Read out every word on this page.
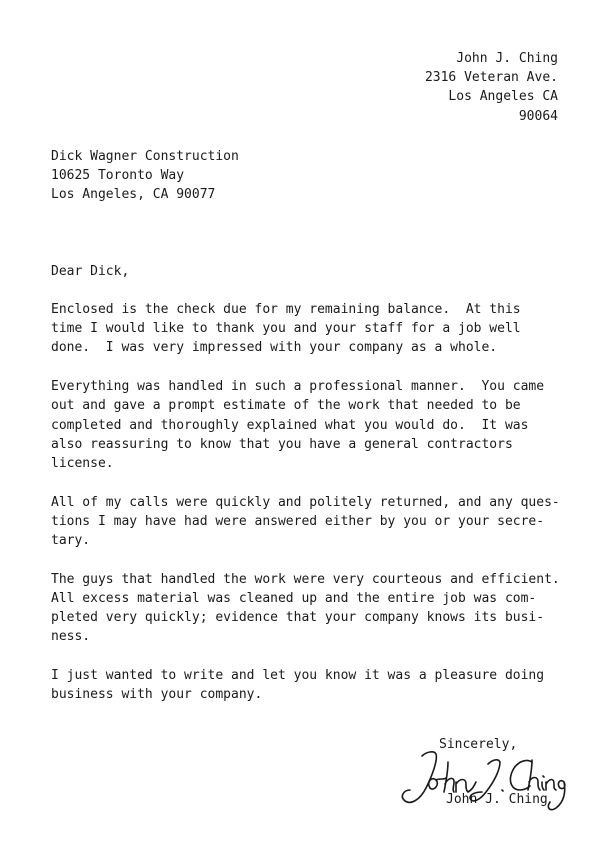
John J. Ching
2316 Veteran Ave.
Los Angeles CA
90064
Dick Wagner Construction
10625 Toronto Way
Los Angeles, CA 90077
Dear Dick,

Enclosed is the check due for my remaining balance.  At this
time I would like to thank you and your staff for a job well
done.  I was very impressed with your company as a whole.

Everything was handled in such a professional manner.  You came
out and gave a prompt estimate of the work that needed to be
completed and thoroughly explained what you would do.  It was
also reassuring to know that you have a general contractors
license.

All of my calls were quickly and politely returned, and any ques-
tions I may have had were answered either by you or your secre-
tary.

The guys that handled the work were very courteous and efficient.
All excess material was cleaned up and the entire job was com-
pleted very quickly; evidence that your company knows its busi-
ness.

I just wanted to write and let you know it was a pleasure doing
business with your company.

Sincerely,
John J. Ching
